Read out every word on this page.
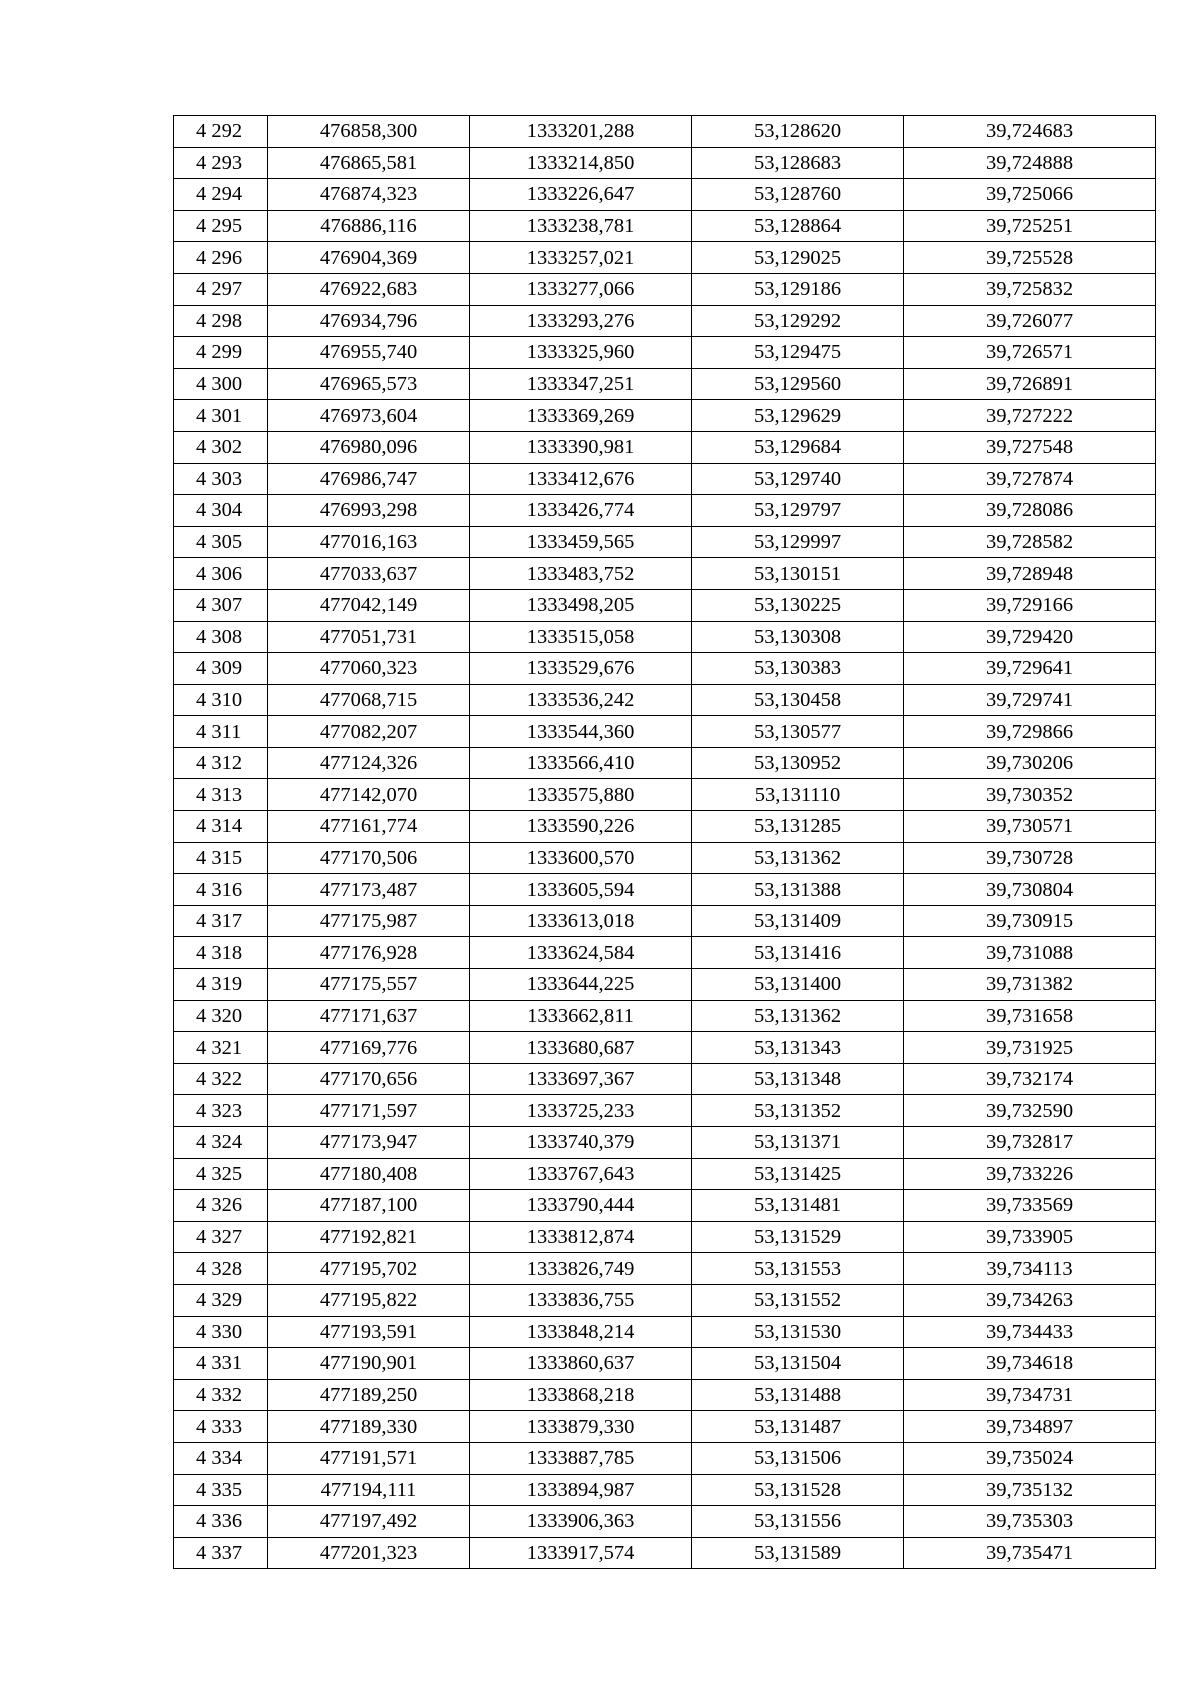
4 292	476858,300	1333201,288	53,128620	39,724683
4 293	476865,581	1333214,850	53,128683	39,724888
4 294	476874,323	1333226,647	53,128760	39,725066
4 295	476886,116	1333238,781	53,128864	39,725251
4 296	476904,369	1333257,021	53,129025	39,725528
4 297	476922,683	1333277,066	53,129186	39,725832
4 298	476934,796	1333293,276	53,129292	39,726077
4 299	476955,740	1333325,960	53,129475	39,726571
4 300	476965,573	1333347,251	53,129560	39,726891
4 301	476973,604	1333369,269	53,129629	39,727222
4 302	476980,096	1333390,981	53,129684	39,727548
4 303	476986,747	1333412,676	53,129740	39,727874
4 304	476993,298	1333426,774	53,129797	39,728086
4 305	477016,163	1333459,565	53,129997	39,728582
4 306	477033,637	1333483,752	53,130151	39,728948
4 307	477042,149	1333498,205	53,130225	39,729166
4 308	477051,731	1333515,058	53,130308	39,729420
4 309	477060,323	1333529,676	53,130383	39,729641
4 310	477068,715	1333536,242	53,130458	39,729741
4 311	477082,207	1333544,360	53,130577	39,729866
4 312	477124,326	1333566,410	53,130952	39,730206
4 313	477142,070	1333575,880	53,131110	39,730352
4 314	477161,774	1333590,226	53,131285	39,730571
4 315	477170,506	1333600,570	53,131362	39,730728
4 316	477173,487	1333605,594	53,131388	39,730804
4 317	477175,987	1333613,018	53,131409	39,730915
4 318	477176,928	1333624,584	53,131416	39,731088
4 319	477175,557	1333644,225	53,131400	39,731382
4 320	477171,637	1333662,811	53,131362	39,731658
4 321	477169,776	1333680,687	53,131343	39,731925
4 322	477170,656	1333697,367	53,131348	39,732174
4 323	477171,597	1333725,233	53,131352	39,732590
4 324	477173,947	1333740,379	53,131371	39,732817
4 325	477180,408	1333767,643	53,131425	39,733226
4 326	477187,100	1333790,444	53,131481	39,733569
4 327	477192,821	1333812,874	53,131529	39,733905
4 328	477195,702	1333826,749	53,131553	39,734113
4 329	477195,822	1333836,755	53,131552	39,734263
4 330	477193,591	1333848,214	53,131530	39,734433
4 331	477190,901	1333860,637	53,131504	39,734618
4 332	477189,250	1333868,218	53,131488	39,734731
4 333	477189,330	1333879,330	53,131487	39,734897
4 334	477191,571	1333887,785	53,131506	39,735024
4 335	477194,111	1333894,987	53,131528	39,735132
4 336	477197,492	1333906,363	53,131556	39,735303
4 337	477201,323	1333917,574	53,131589	39,735471
